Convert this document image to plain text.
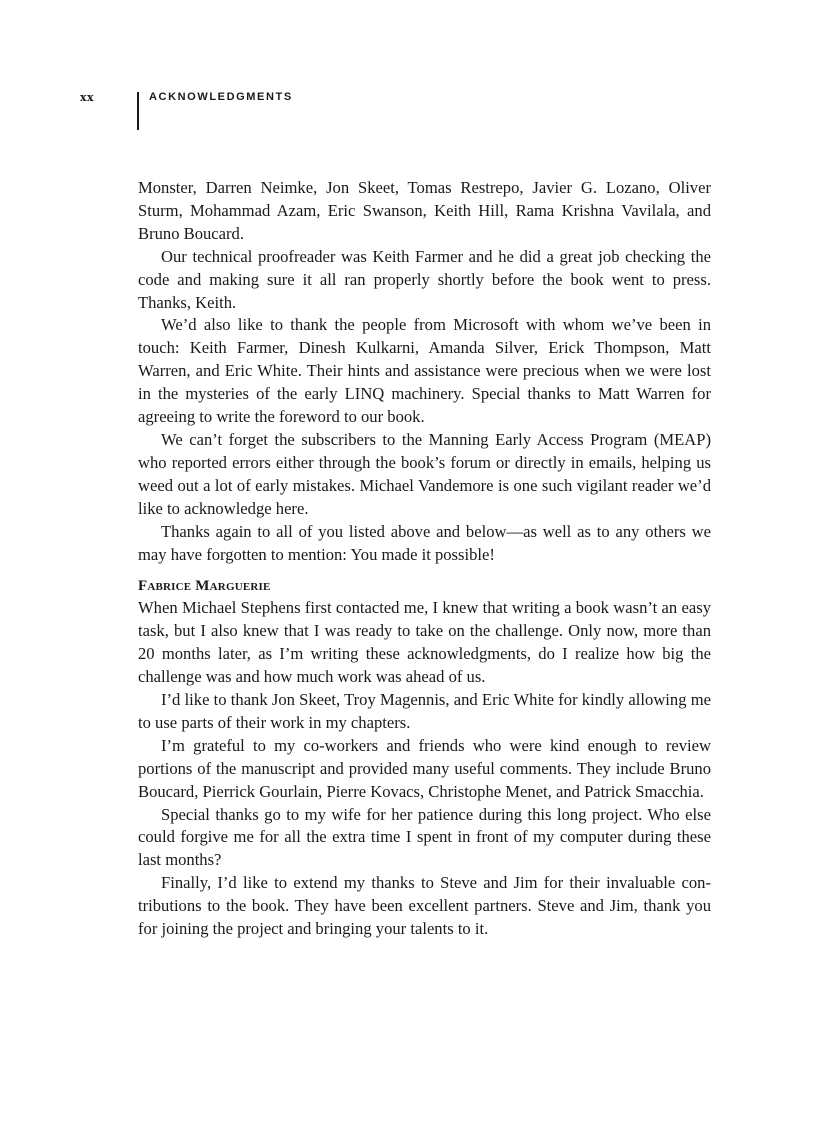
xx	ACKNOWLEDGMENTS

Monster, Darren Neimke, Jon Skeet, Tomas Restrepo, Javier G. Lozano, Oliver Sturm, Mohammad Azam, Eric Swanson, Keith Hill, Rama Krishna Vavilala, and Bruno Boucard.

Our technical proofreader was Keith Farmer and he did a great job checking the code and making sure it all ran properly shortly before the book went to press. Thanks, Keith.

We’d also like to thank the people from Microsoft with whom we’ve been in touch: Keith Farmer, Dinesh Kulkarni, Amanda Silver, Erick Thompson, Matt Warren, and Eric White. Their hints and assistance were precious when we were lost in the mysteries of the early LINQ machinery. Special thanks to Matt Warren for agreeing to write the foreword to our book.

We can’t forget the subscribers to the Manning Early Access Program (MEAP) who reported errors either through the book’s forum or directly in emails, helping us weed out a lot of early mistakes. Michael Vandemore is one such vigilant reader we’d like to acknowledge here.

Thanks again to all of you listed above and below—as well as to any others we may have forgotten to mention: You made it possible!

Fabrice Marguerie

When Michael Stephens first contacted me, I knew that writing a book wasn’t an easy task, but I also knew that I was ready to take on the challenge. Only now, more than 20 months later, as I’m writing these acknowledgments, do I realize how big the challenge was and how much work was ahead of us.

I’d like to thank Jon Skeet, Troy Magennis, and Eric White for kindly allowing me to use parts of their work in my chapters.

I’m grateful to my co-workers and friends who were kind enough to review portions of the manuscript and provided many useful comments. They include Bruno Boucard, Pierrick Gourlain, Pierre Kovacs, Christophe Menet, and Patrick Smacchia.

Special thanks go to my wife for her patience during this long project. Who else could forgive me for all the extra time I spent in front of my computer during these last months?

Finally, I’d like to extend my thanks to Steve and Jim for their invaluable contributions to the book. They have been excellent partners. Steve and Jim, thank you for joining the project and bringing your talents to it.
